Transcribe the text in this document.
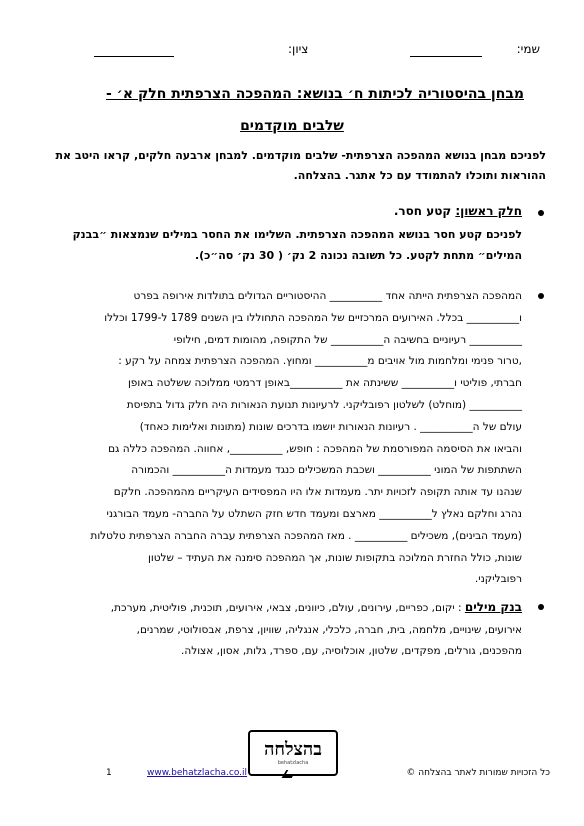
שמי:
ציון:
מבחן בהיסטוריה לכיתות ח׳ בנושא: המהפכה הצרפתית חלק א׳ -
שלבים מוקדמים
לפניכם מבחן בנושא המהפכה הצרפתית- שלבים מוקדמים. למבחן ארבעה חלקים, קראו היטב את ההוראות ותוכלו להתמודד עם כל אתגר. בהצלחה.
חלק ראשון: קטע חסר.
לפניכם קטע חסר בנושא המהפכה הצרפתית. השלימו את החסר במילים שנמצאות ״בבנק המילים״ מתחת לקטע. כל תשובה נכונה 2 נק׳ ( 30 נק׳ סה״כ).
המהפכה הצרפתית הייתה אחד __________ ההיסטוריים הגדולים בתולדות אירופה בפרט
ו__________ בכלל. האירועים המרכזיים של המהפכה התחוללו בין השנים 1789 ל-1799 וכללו
__________ רעיוניים בחשיבה ה__________ של התקופה, מהומות דמים, חילופי
,טרור פנימי ומלחמות מול אויבים מ__________ ומחוץ. המהפכה הצרפתית צמחה על רקע :
חברתי, פוליטי ו__________ ששינתה את __________באופן דרמטי ממלוכה ששלטה באופן
__________ (מוחלט) לשלטון רפובליקני. לרעיונות תנועת הנאורות היה חלק גדול בתפיסת
עולם של ה__________ . רעיונות הנאורות יושמו בדרכים שונות (מתונות ואלימות כאחד)
והביאו את הסיסמה המפורסמת של המהפכה : חופש, __________, אחווה. המהפכה כללה גם
השתתפות של המוני __________ ושכבת המשכילים כנגד מעמדות ה__________ והכמורה
שנהנו עד אותה תקופה לזכויות יתר. מעמדות אלו היו המפסידים העיקריים מהמהפכה. חלקם
נהרג וחלקם נאלץ ל__________ מארצם ומעמד חדש חזק השתלט על החברה- מעמד הבורגני
(מעמד הבינים), משכילים __________ . מאז המהפכה הצרפתית עברה החברה הצרפתית טלטלות
שונות, כולל החזרת המלוכה בתקופות שונות, אך המהפכה סימנה את העתיד – שלטון
רפובליקני.
בנק מילים : יקום, כפריים, עירונים, עולם, כיוונים, צבאי, אירועים, תוכנית, פוליטית, מערכת,
אירועים, שינויים, מלחמה, בית, חברה, כלכלי, אנגליה, שוויון, צרפת, אבסולוטי, שמרנים,
מהפכנים, גורלים, מפקדים, שלטון, אוכלוסיה, עם, ספרד, גלות, אסון, אצולה.
בהצלחה
behatzlacha
כל הזכויות שמורות לאתר בהצלחה ©
www.behatzlacha.co.il
1
